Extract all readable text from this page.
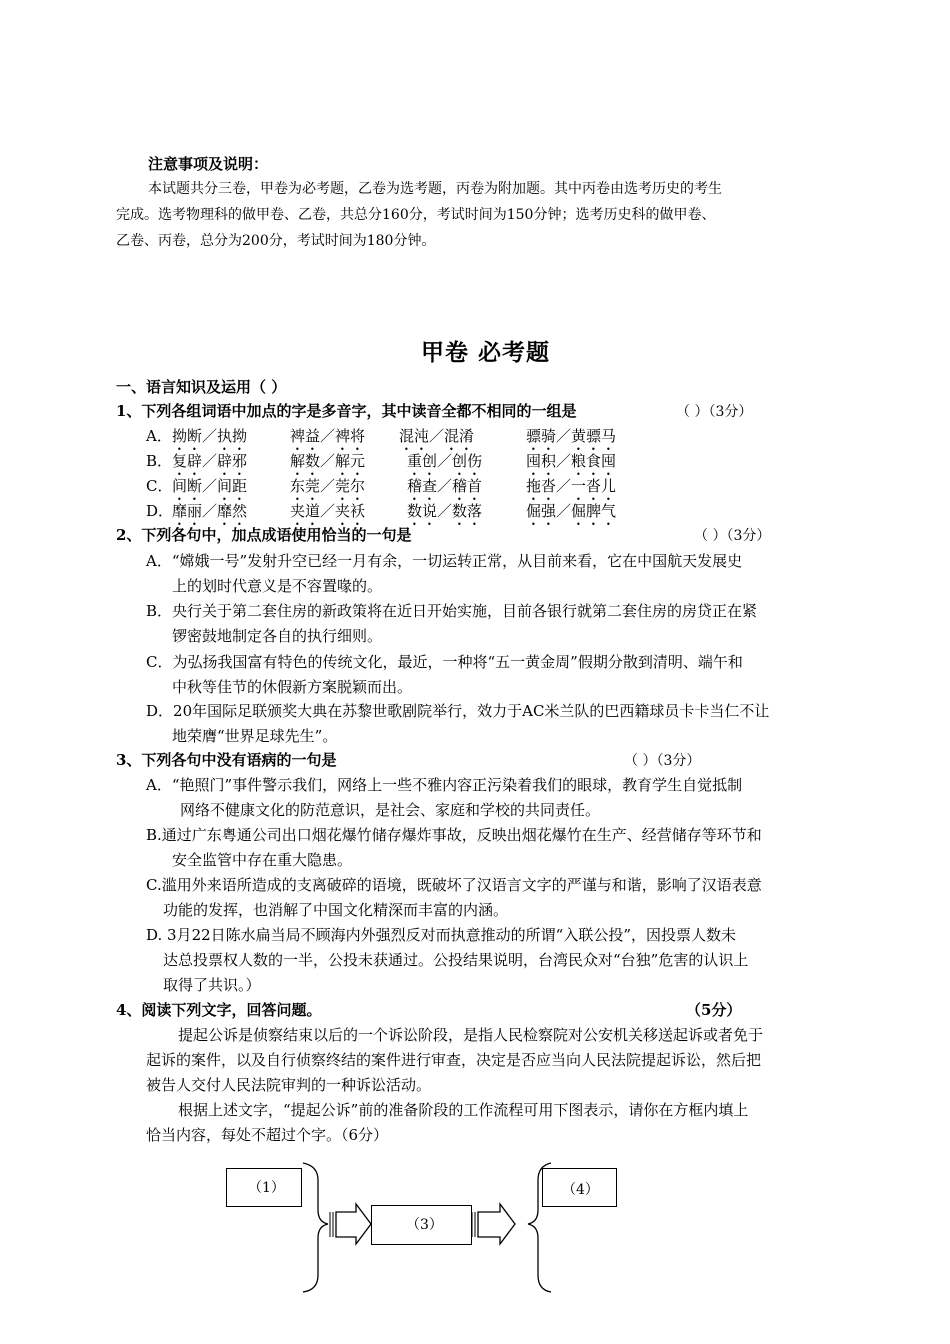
注意事项及说明：
本试题共分三卷，甲卷为必考题，乙卷为选考题，丙卷为附加题。其中丙卷由选考历史的考生
完成。选考物理科的做甲卷、乙卷，共总分160分，考试时间为150分钟；选考历史科的做甲卷、
乙卷、丙卷，总分为200分，考试时间为180分钟。
甲卷 必考题
一、语言知识及运用（ ）
1、下列各组词语中加点的字是多音字，其中读音全都不相同的一组是	（ ）（3分）
A． 拗断／执拗	裨益／裨将 混沌／混淆	骠骑／黄骠马
B． 复辟／辟邪	解数／解元	重创／创伤	囤积／粮食囤
C． 间断／间距	东莞／莞尔	稽查／稽首	拖沓／一沓儿
D．
靡丽／靡然	夹道／夹袄	数说／数落	倔强／倔脾气
2、下列各句中，加点成语使用恰当的一句是	（ ）（3分）
A．“嫦娥一号”发射升空已经一月有余，一切运转正常，从目前来看，它在中国航天发展史
上的划时代意义是不容置喙的。
B．央行关于第二套住房的新政策将在近日开始实施，目前各银行就第二套住房的房贷正在紧
锣密鼓地制定各自的执行细则。
C．为弘扬我国富有特色的传统文化，最近，一种将“五一黄金周”假期分散到清明、端午和
中秋等佳节的休假新方案脱颖而出。
D．20年国际足联颁奖大典在苏黎世歌剧院举行，效力于AC米兰队的巴西籍球员卡卡当仁不让
地荣膺“世界足球先生”。
3、下列各句中没有语病的一句是	（ ）（3分）
A．“艳照门”事件警示我们，网络上一些不雅内容正污染着我们的眼球，教育学生自觉抵制
网络不健康文化的防范意识，是社会、家庭和学校的共同责任。
B.通过广东粤通公司出口烟花爆竹储存爆炸事故，反映出烟花爆竹在生产、经营储存等环节和
安全监管中存在重大隐患。
C.滥用外来语所造成的支离破碎的语境，既破坏了汉语言文字的严谨与和谐，影响了汉语表意
功能的发挥，也消解了中国文化精深而丰富的内涵。
D. 3月22日陈水扁当局不顾海内外强烈反对而执意推动的所谓“入联公投”，因投票人数未
达总投票权人数的一半，公投未获通过。公投结果说明，台湾民众对“台独”危害的认识上
取得了共识。）
4、阅读下列文字，回答问题。	（5分）
提起公诉是侦察结束以后的一个诉讼阶段，是指人民检察院对公安机关移送起诉或者免于
起诉的案件，以及自行侦察终结的案件进行审查，决定是否应当向人民法院提起诉讼，然后把
被告人交付人民法院审判的一种诉讼活动。
根据上述文字，“提起公诉”前的准备阶段的工作流程可用下图表示，请你在方框内填上
恰当内容，每处不超过个字。（6分）
（1）
（3）
（4）
